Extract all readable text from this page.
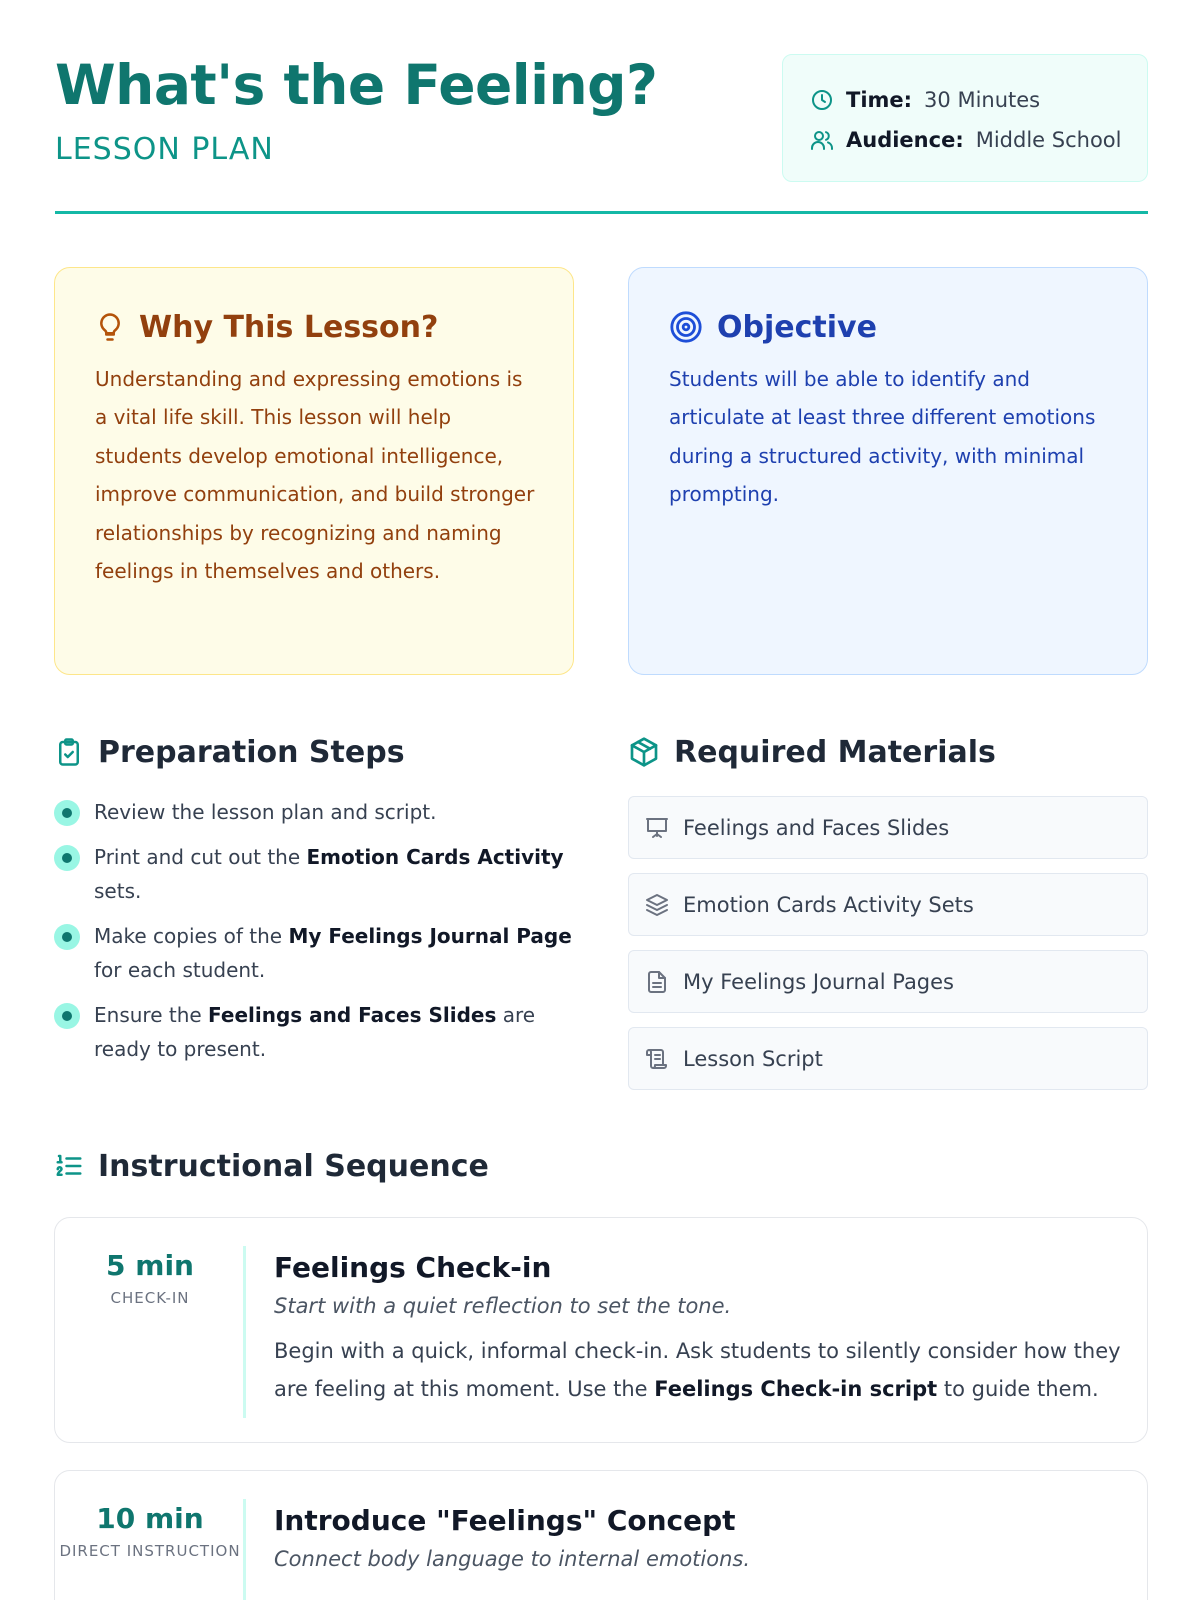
What's the Feeling?
LESSON PLAN
Time: 30 Minutes
Audience: Middle School
Why This Lesson?

Understanding and expressing emotions is a vital life skill. This lesson will help students develop emotional intelligence, improve communication, and build stronger relationships by recognizing and naming feelings in themselves and others.

Objective

Students will be able to identify and articulate at least three different emotions during a structured activity, with minimal prompting.

Preparation Steps
Review the lesson plan and script.
Print and cut out the Emotion Cards Activity sets.
Make copies of the My Feelings Journal Page for each student.
Ensure the Feelings and Faces Slides are ready to present.
Required Materials
Feelings and Faces Slides
Emotion Cards Activity Sets
My Feelings Journal Pages
Lesson Script
Instructional Sequence
5 min
CHECK-IN
Feelings Check-in
Start with a quiet reflection to set the tone.

Begin with a quick, informal check-in. Ask students to silently consider how they are feeling at this moment. Use the Feelings Check-in script to guide them.

10 min
DIRECT INSTRUCTION
Introduce "Feelings" Concept
Connect body language to internal emotions.
